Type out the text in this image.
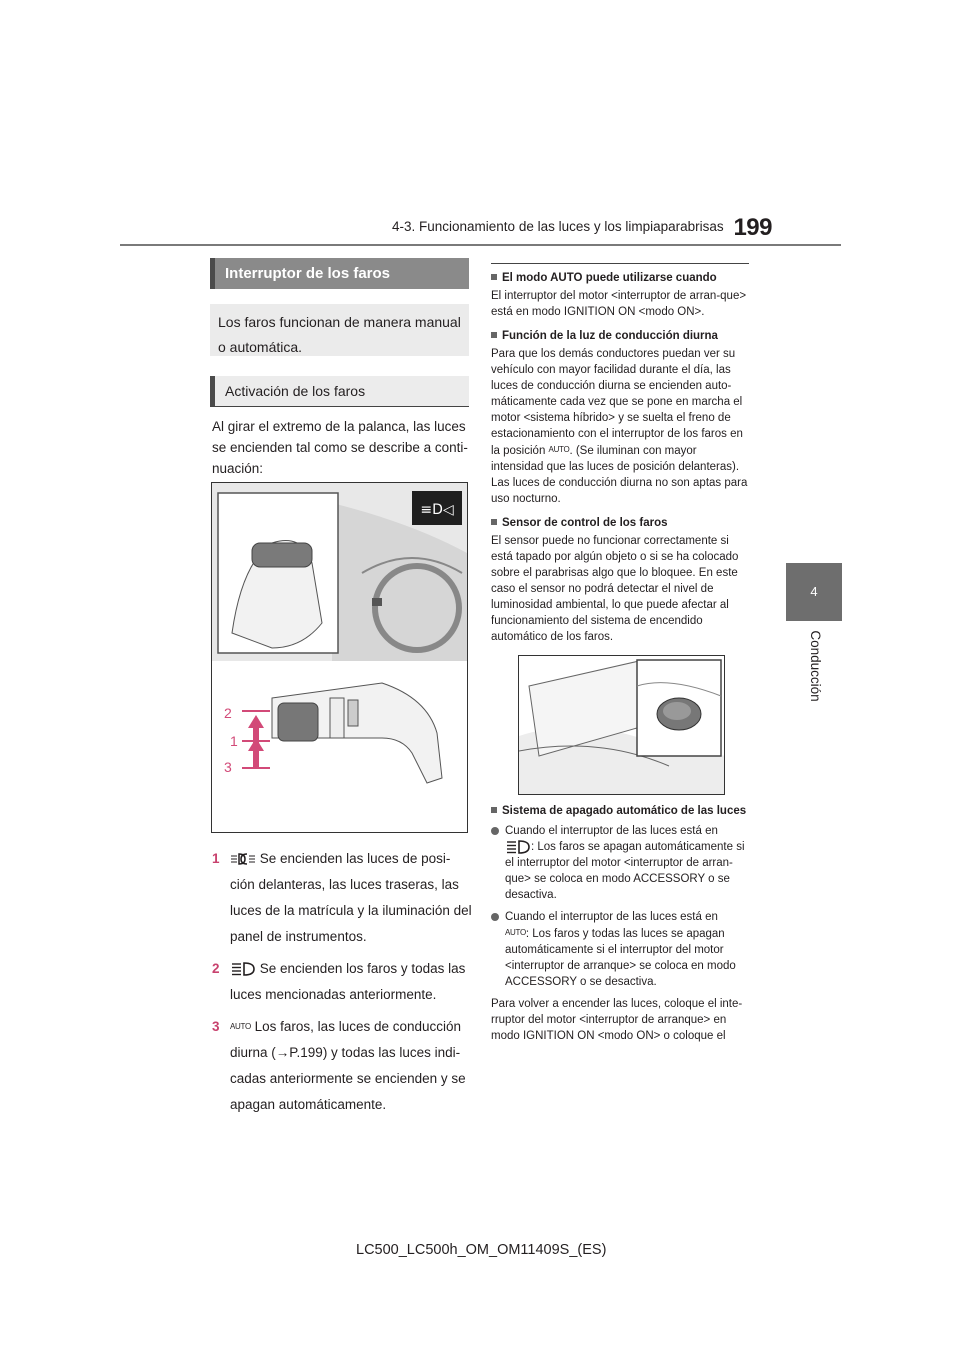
199
4-3. Funcionamiento de las luces y los limpiaparabrisas
4
Conducción
Interruptor de los faros
Los faros funcionan de manera manual o automática.
Activación de los faros
Al girar el extremo de la palanca, las luces se encienden tal como se describe a conti-nuación:
≡D◁
2
1
3
1	Se encienden las luces de posi-ción delanteras, las luces traseras, las luces de la matrícula y la iluminación del panel de instrumentos.
2	Se encienden los faros y todas las luces mencionadas anteriormente.
3 AUTO Los faros, las luces de conducción diurna (→P.199) y todas las luces indi-cadas anteriormente se encienden y se apagan automáticamente.
El modo AUTO puede utilizarse cuando
El interruptor del motor <interruptor de arran-que> está en modo IGNITION ON <modo ON>.
Función de la luz de conducción diurna
Para que los demás conductores puedan ver su vehículo con mayor facilidad durante el día, las luces de conducción diurna se encienden auto-máticamente cada vez que se pone en marcha el motor <sistema híbrido> y se suelta el freno de estacionamiento con el interruptor de los faros en la posición AUTO. (Se iluminan con mayor intensidad que las luces de posición delanteras). Las luces de conducción diurna no son aptas para uso nocturno.
Sensor de control de los faros
El sensor puede no funcionar correctamente si está tapado por algún objeto o si se ha colocado sobre el parabrisas algo que lo bloquee. En este caso el sensor no podrá detectar el nivel de luminosidad ambiental, lo que puede afectar al funcionamiento del sistema de encendido automático de los faros.
Sistema de apagado automático de las luces
Cuando el interruptor de las luces está en
: Los faros se apagan automáticamente si el interruptor del motor <interruptor de arran-que> se coloca en modo ACCESSORY o se desactiva.
Cuando el interruptor de las luces está en
AUTO: Los faros y todas las luces se apagan automáticamente si el interruptor del motor <interruptor de arranque> se coloca en modo ACCESSORY o se desactiva.
Para volver a encender las luces, coloque el inte-rruptor del motor <interruptor de arranque> en modo IGNITION ON <modo ON> o coloque el
LC500_LC500h_OM_OM11409S_(ES)
